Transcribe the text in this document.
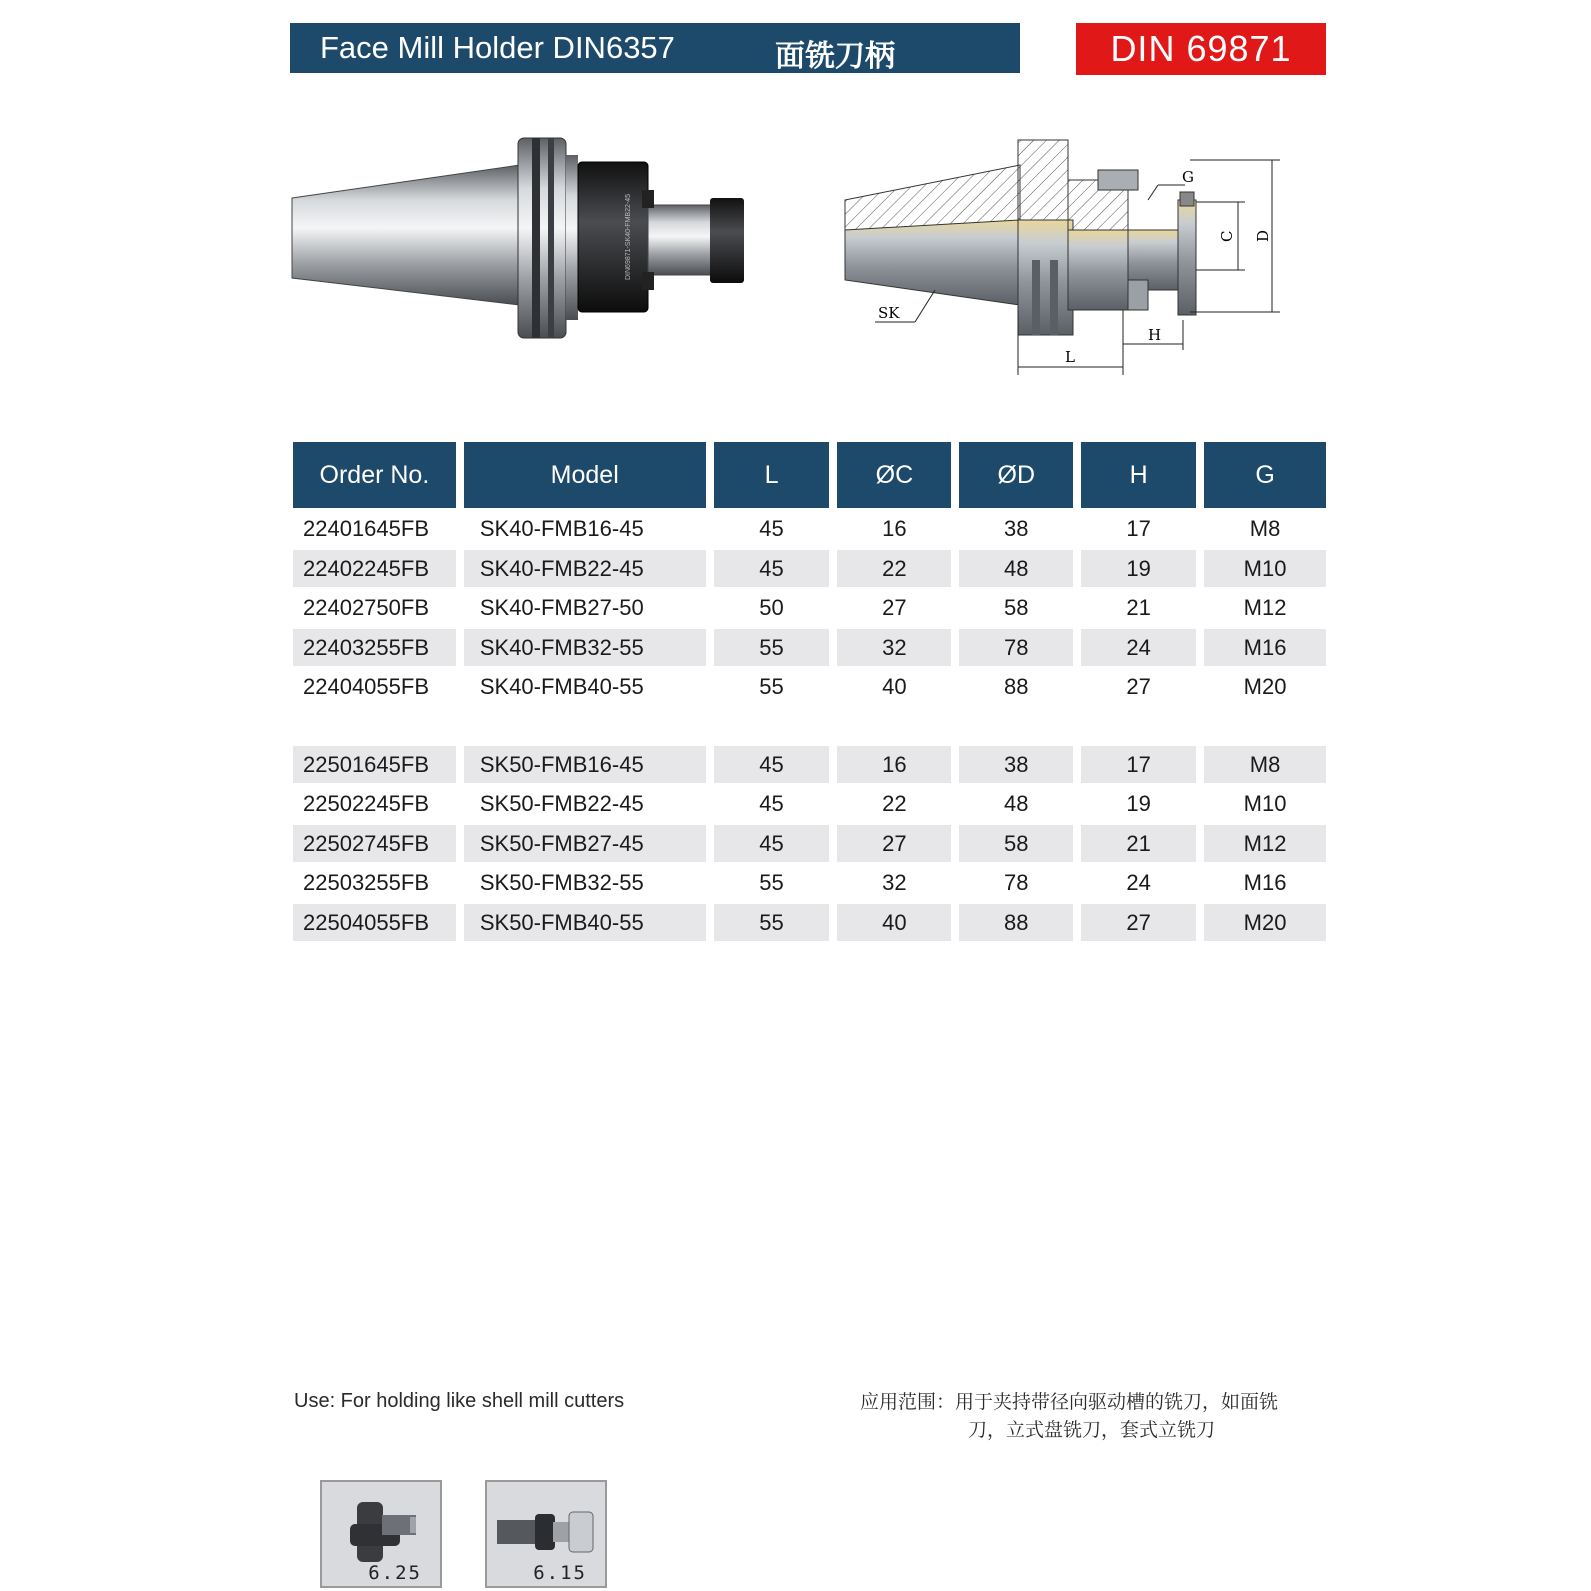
Face Mill Holder DIN6357	面铣刀柄	DIN 69871
DIN69871-SK40-FMB22-45
G
C D
SK
H
L
Order No.	Model	L	ØC	ØD	H	G
22401645FB	SK40-FMB16-45	45	16	38	17	M8
22402245FB	SK40-FMB22-45	45	22	48	19	M10
22402750FB	SK40-FMB27-50	50	27	58	21	M12
22403255FB	SK40-FMB32-55	55	32	78	24	M16
22404055FB	SK40-FMB40-55	55	40	88	27	M20
22501645FB	SK50-FMB16-45	45	16	38	17	M8
22502245FB	SK50-FMB22-45	45	22	48	19	M10
22502745FB	SK50-FMB27-45	45	27	58	21	M12
22503255FB	SK50-FMB32-55	55	32	78	24	M16
22504055FB	SK50-FMB40-55	55	40	88	27	M20
Use: For holding like shell mill cutters	应用范围：用于夹持带径向驱动槽的铣刀，如面铣
刀，立式盘铣刀，套式立铣刀
6.25	6.15
